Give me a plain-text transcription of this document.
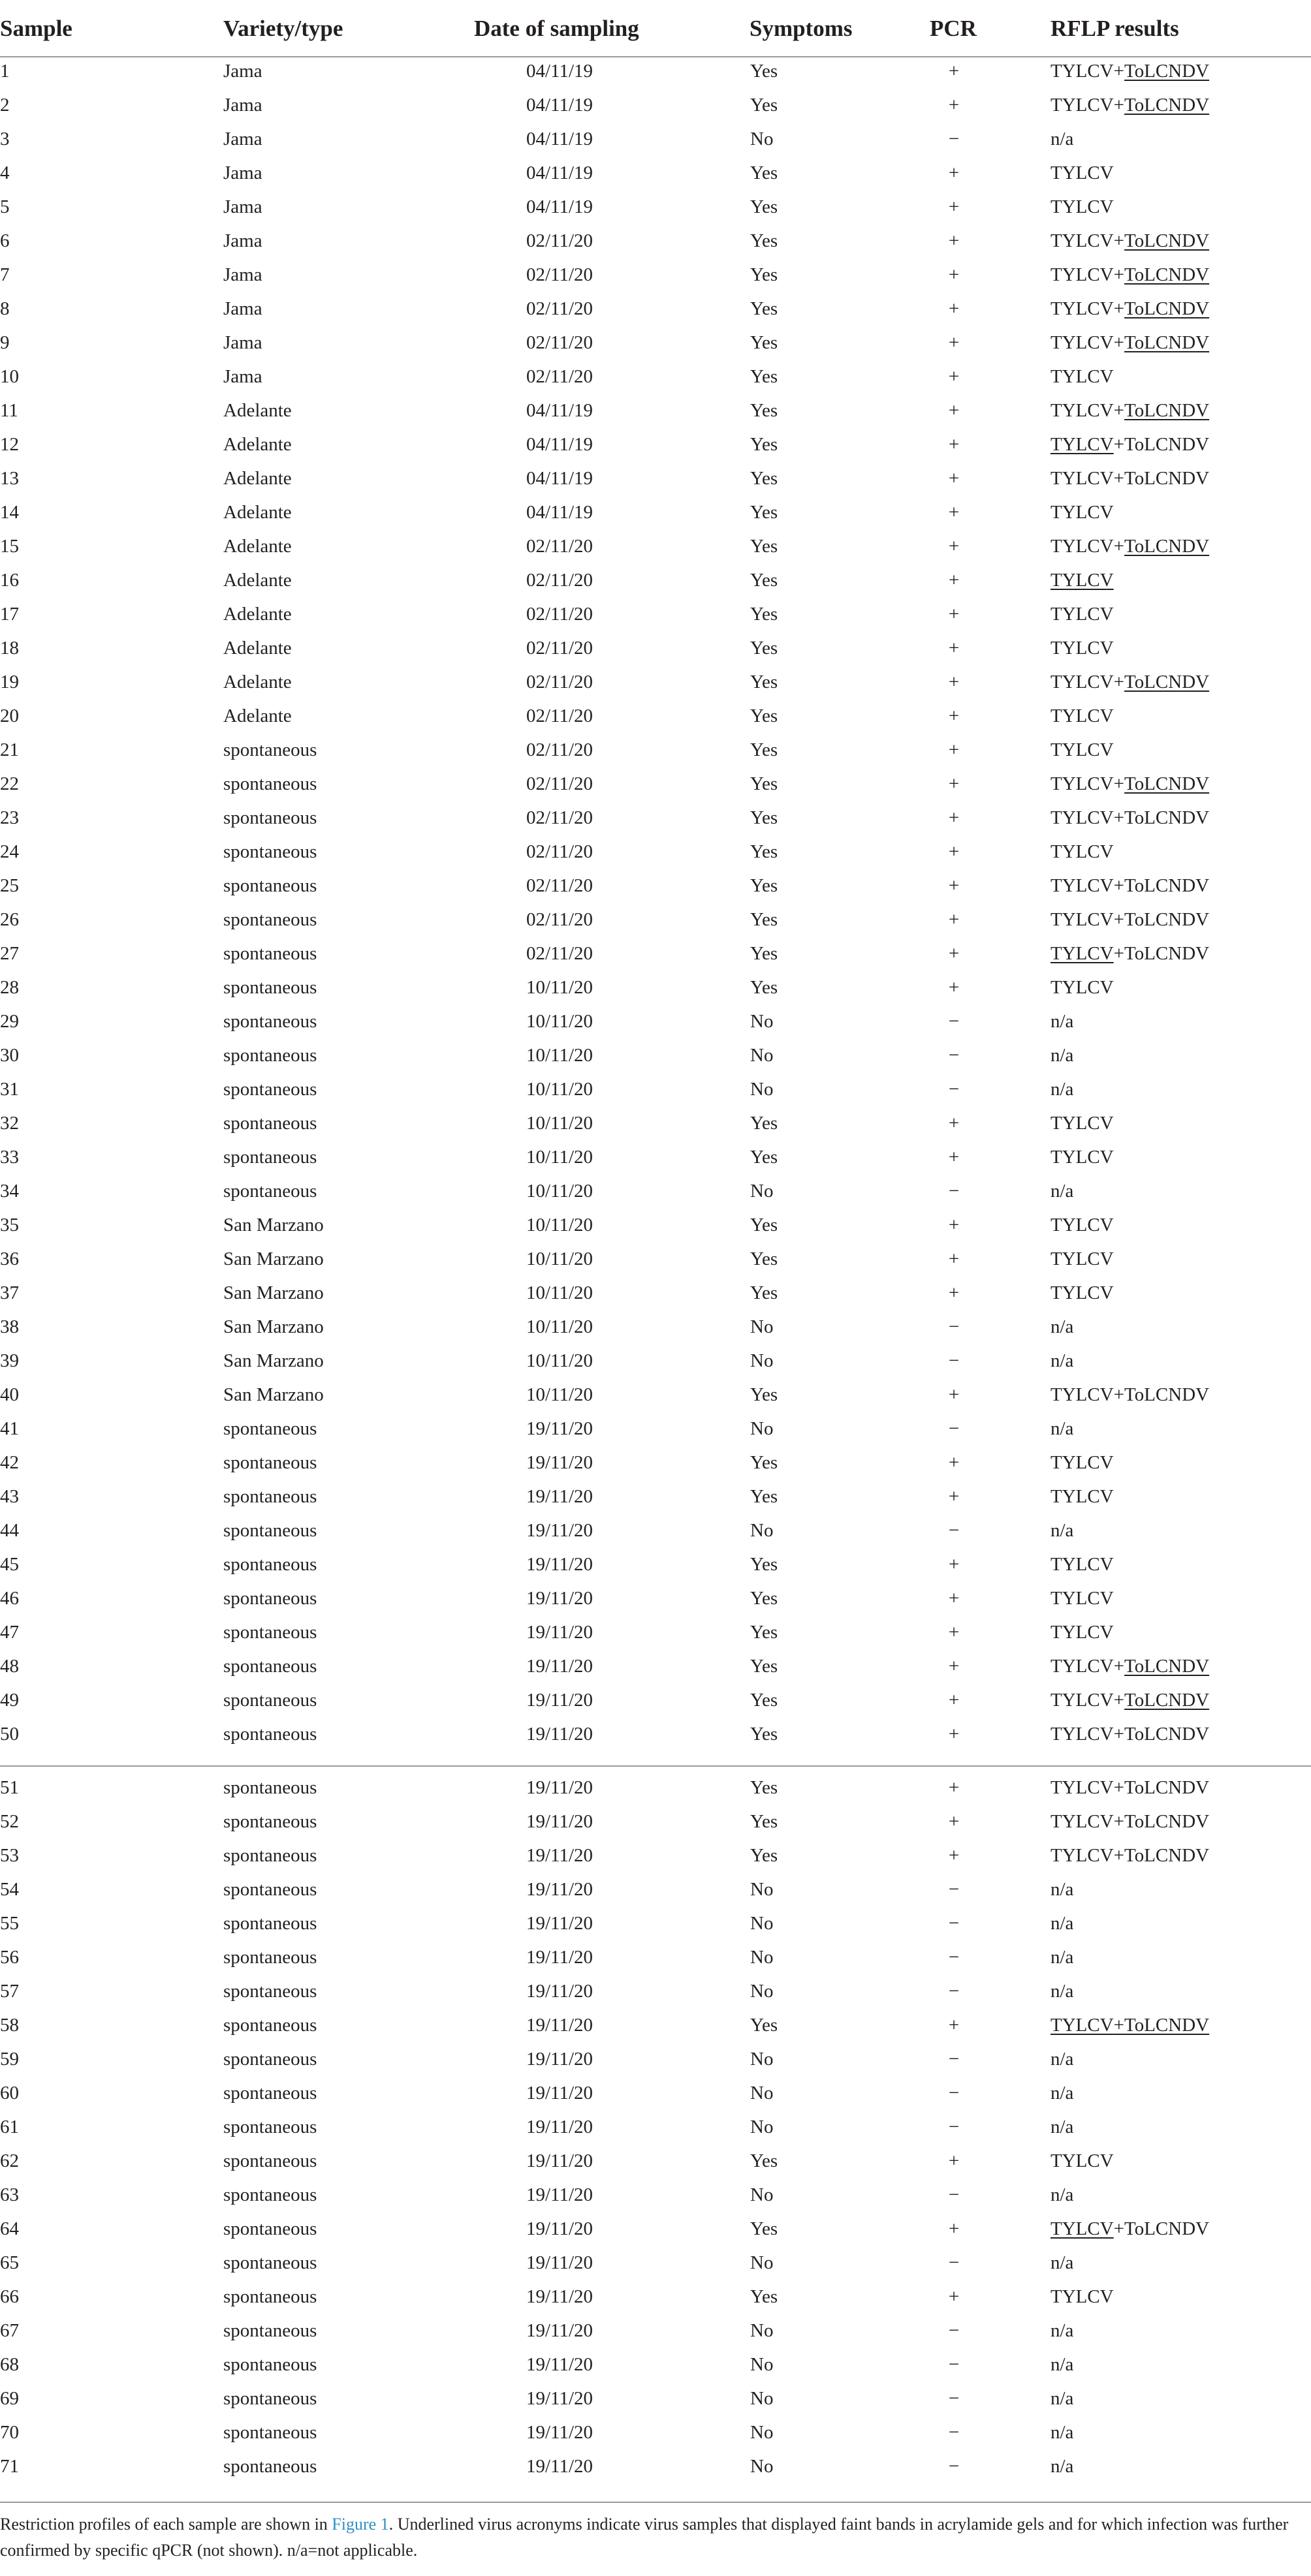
Sample	Variety/type	Date of sampling	Symptoms	PCR	RFLP results
1	Jama	04/11/19	Yes	+	TYLCV+ToLCNDV
2	Jama	04/11/19	Yes	+	TYLCV+ToLCNDV
3	Jama	04/11/19	No	−	n/a
4	Jama	04/11/19	Yes	+	TYLCV
5	Jama	04/11/19	Yes	+	TYLCV
6	Jama	02/11/20	Yes	+	TYLCV+ToLCNDV
7	Jama	02/11/20	Yes	+	TYLCV+ToLCNDV
8	Jama	02/11/20	Yes	+	TYLCV+ToLCNDV
9	Jama	02/11/20	Yes	+	TYLCV+ToLCNDV
10	Jama	02/11/20	Yes	+	TYLCV
11	Adelante	04/11/19	Yes	+	TYLCV+ToLCNDV
12	Adelante	04/11/19	Yes	+	TYLCV+ToLCNDV
13	Adelante	04/11/19	Yes	+	TYLCV+ToLCNDV
14	Adelante	04/11/19	Yes	+	TYLCV
15	Adelante	02/11/20	Yes	+	TYLCV+ToLCNDV
16	Adelante	02/11/20	Yes	+	TYLCV
17	Adelante	02/11/20	Yes	+	TYLCV
18	Adelante	02/11/20	Yes	+	TYLCV
19	Adelante	02/11/20	Yes	+	TYLCV+ToLCNDV
20	Adelante	02/11/20	Yes	+	TYLCV
21	spontaneous	02/11/20	Yes	+	TYLCV
22	spontaneous	02/11/20	Yes	+	TYLCV+ToLCNDV
23	spontaneous	02/11/20	Yes	+	TYLCV+ToLCNDV
24	spontaneous	02/11/20	Yes	+	TYLCV
25	spontaneous	02/11/20	Yes	+	TYLCV+ToLCNDV
26	spontaneous	02/11/20	Yes	+	TYLCV+ToLCNDV
27	spontaneous	02/11/20	Yes	+	TYLCV+ToLCNDV
28	spontaneous	10/11/20	Yes	+	TYLCV
29	spontaneous	10/11/20	No	−	n/a
30	spontaneous	10/11/20	No	−	n/a
31	spontaneous	10/11/20	No	−	n/a
32	spontaneous	10/11/20	Yes	+	TYLCV
33	spontaneous	10/11/20	Yes	+	TYLCV
34	spontaneous	10/11/20	No	−	n/a
35	San Marzano	10/11/20	Yes	+	TYLCV
36	San Marzano	10/11/20	Yes	+	TYLCV
37	San Marzano	10/11/20	Yes	+	TYLCV
38	San Marzano	10/11/20	No	−	n/a
39	San Marzano	10/11/20	No	−	n/a
40	San Marzano	10/11/20	Yes	+	TYLCV+ToLCNDV
41	spontaneous	19/11/20	No	−	n/a
42	spontaneous	19/11/20	Yes	+	TYLCV
43	spontaneous	19/11/20	Yes	+	TYLCV
44	spontaneous	19/11/20	No	−	n/a
45	spontaneous	19/11/20	Yes	+	TYLCV
46	spontaneous	19/11/20	Yes	+	TYLCV
47	spontaneous	19/11/20	Yes	+	TYLCV
48	spontaneous	19/11/20	Yes	+	TYLCV+ToLCNDV
49	spontaneous	19/11/20	Yes	+	TYLCV+ToLCNDV
50	spontaneous	19/11/20	Yes	+	TYLCV+ToLCNDV
51	spontaneous	19/11/20	Yes	+	TYLCV+ToLCNDV
52	spontaneous	19/11/20	Yes	+	TYLCV+ToLCNDV
53	spontaneous	19/11/20	Yes	+	TYLCV+ToLCNDV
54	spontaneous	19/11/20	No	−	n/a
55	spontaneous	19/11/20	No	−	n/a
56	spontaneous	19/11/20	No	−	n/a
57	spontaneous	19/11/20	No	−	n/a
58	spontaneous	19/11/20	Yes	+	TYLCV+ToLCNDV
59	spontaneous	19/11/20	No	−	n/a
60	spontaneous	19/11/20	No	−	n/a
61	spontaneous	19/11/20	No	−	n/a
62	spontaneous	19/11/20	Yes	+	TYLCV
63	spontaneous	19/11/20	No	−	n/a
64	spontaneous	19/11/20	Yes	+	TYLCV+ToLCNDV
65	spontaneous	19/11/20	No	−	n/a
66	spontaneous	19/11/20	Yes	+	TYLCV
67	spontaneous	19/11/20	No	−	n/a
68	spontaneous	19/11/20	No	−	n/a
69	spontaneous	19/11/20	No	−	n/a
70	spontaneous	19/11/20	No	−	n/a
71	spontaneous	19/11/20	No	−	n/a
Restriction profiles of each sample are shown in Figure 1. Underlined virus acronyms indicate virus samples that displayed faint bands in acrylamide gels and for which infection was further confirmed by specific qPCR (not shown). n/a=not applicable.
